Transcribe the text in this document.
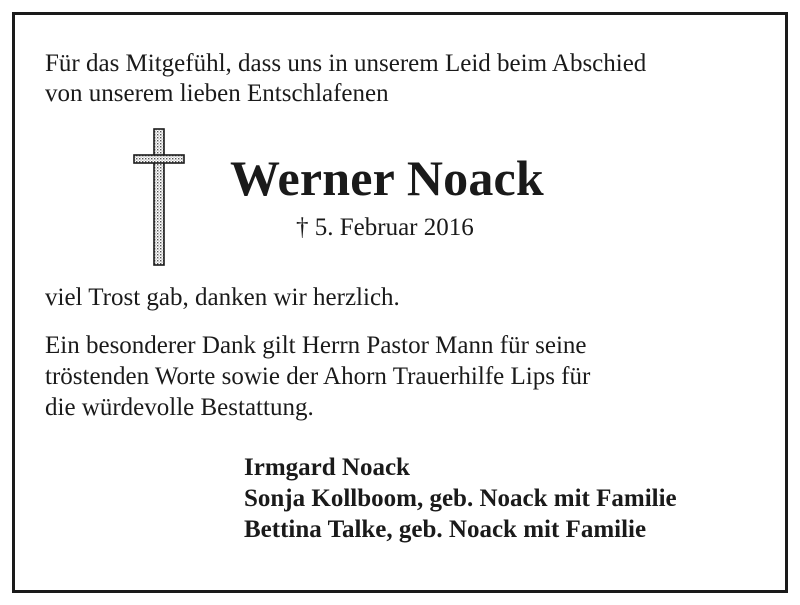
Für das Mitgefühl, dass uns in unserem Leid beim Abschied
von unserem lieben Entschlafenen

Werner Noack

† 5. Februar 2016

viel Trost gab, danken wir herzlich.

Ein besonderer Dank gilt Herrn Pastor Mann für seine
tröstenden Worte sowie der Ahorn Trauerhilfe Lips für
die würdevolle Bestattung.

Irmgard Noack
Sonja Kollboom, geb. Noack mit Familie
Bettina Talke, geb. Noack mit Familie
